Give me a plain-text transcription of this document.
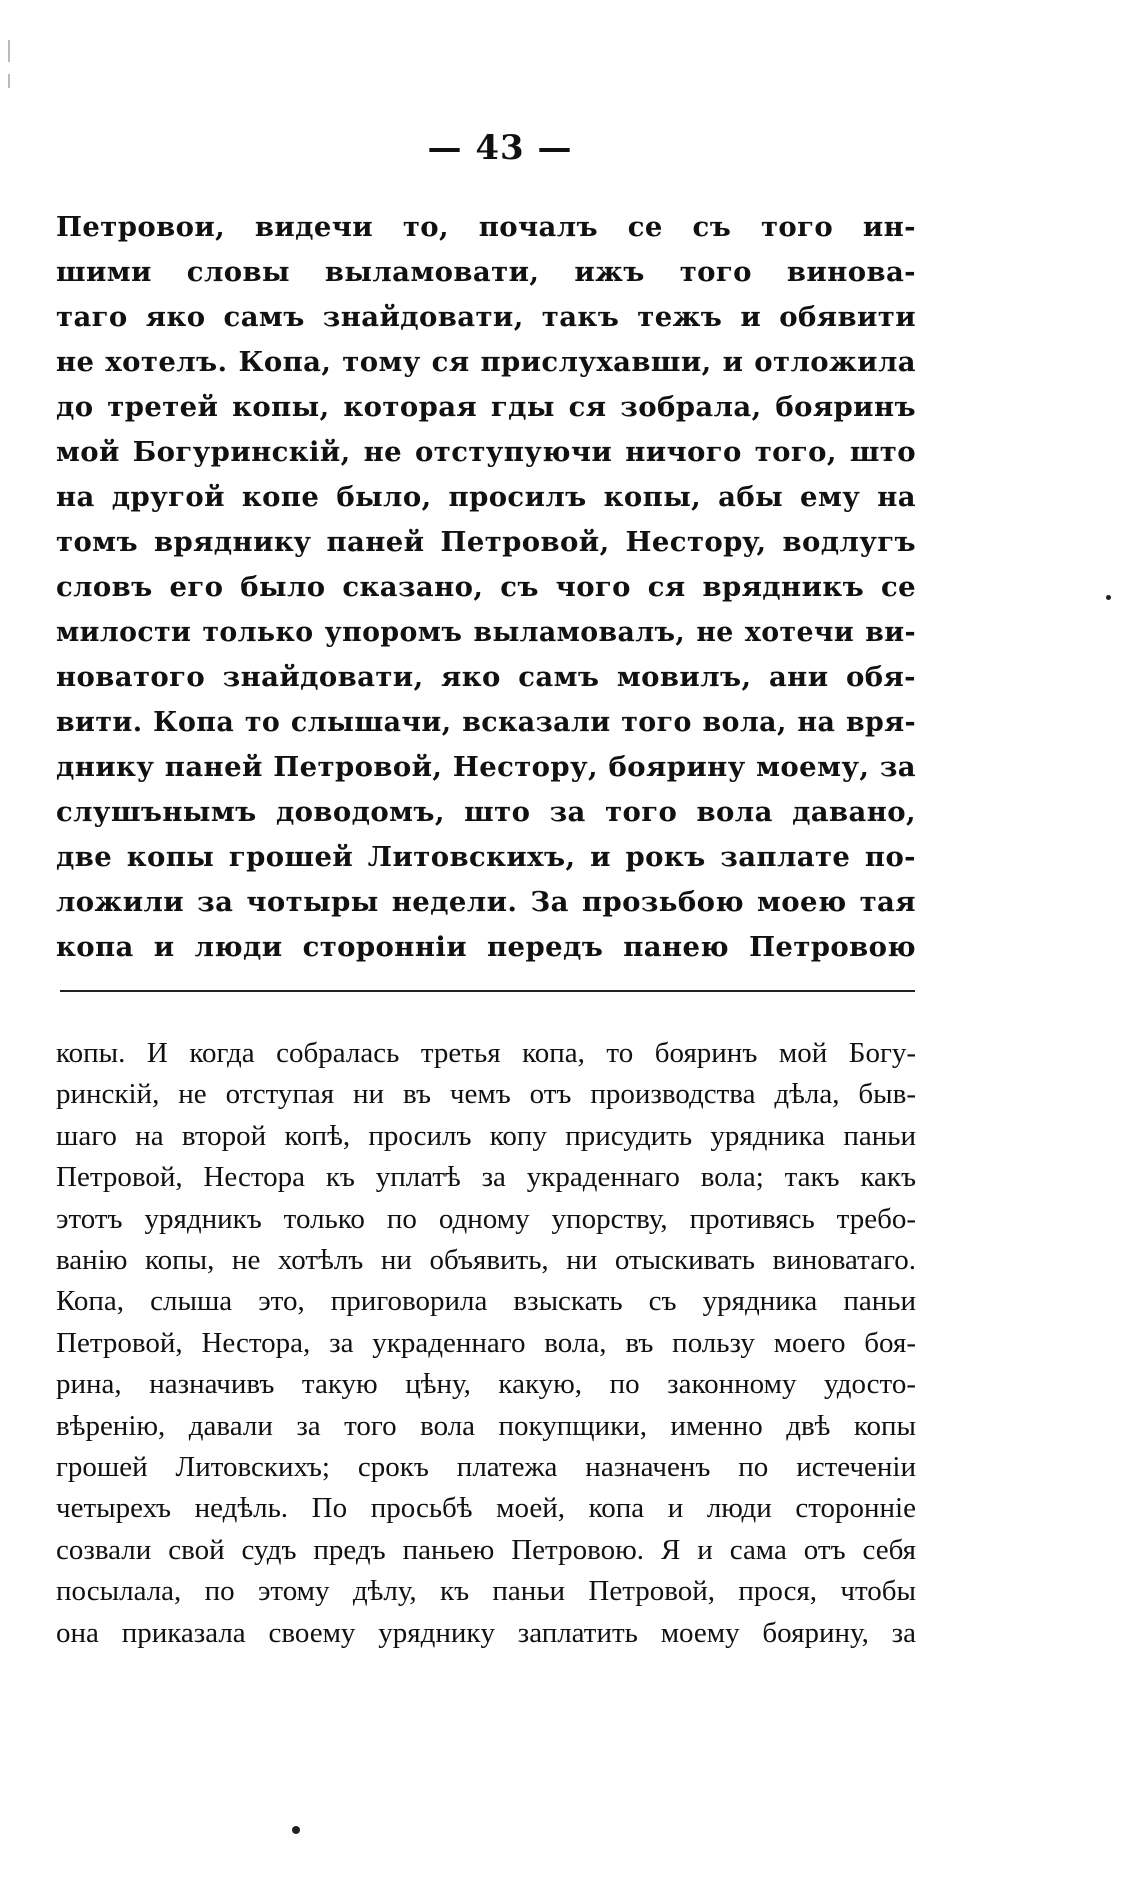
— 43 —
Петровои, видечи то, почалъ се съ того ин-
шими словы выламовати, ижъ того винова-
таго яко самъ знайдовати, такъ тежъ и обявити
не хотелъ. Копа, тому ся прислухавши, и отложила
до третей копы, которая гды ся зобрала, бояринъ
мой Богуринскій, не отступуючи ничого того, што
на другой копе было, просилъ копы, абы ему на
томъ врядникy паней Петровой, Несторy, водлугъ
словъ его было сказано, съ чого ся врядникъ се
милости только упоромъ выламовалъ, не хотечи ви-
новатого знайдовати, яко самъ мовилъ, ани обя-
вити. Копа то слышачи, всказали того вола, на вря-
днику паней Петровой, Нестору, боярину моему, за
слушънымъ доводомъ, што за того вола давано,
две копы грошей Литовскихъ, и рокъ заплате по-
ложили за чотыры недели. За прозьбою моею тая
копа и люди сторонніи передъ панею Петровою
копы. И когда собралась третья копа, то бояринъ мой Богу-
ринскій, не отступая ни въ чемъ отъ производства дѣла, быв-
шаго на второй копѣ, просилъ копу присудить урядника паньи
Петровой, Нестора къ уплатѣ за украденнаго вола; такъ какъ
этотъ урядникъ только по одному упорству, противясь требо-
ванію копы, не хотѣлъ ни объявить, ни отыскивать виноватаго.
Копа, слыша это, приговорила взыскать съ урядника паньи
Петровой, Нестора, за украденнаго вола, въ пользу моего боя-
рина, назначивъ такую цѣну, какую, по законному удосто-
вѣренію, давали за того вола покупщики, именно двѣ копы
грошей Литовскихъ; срокъ платежа назначенъ по истеченіи
четырехъ недѣль. По просьбѣ моей, копа и люди сторонніе
созвали свой судъ предъ паньею Петровою. Я и сама отъ себя
посылала, по этому дѣлу, къ паньи Петровой, прося, чтобы
она приказала своему урядникy заплатить моему боярину, за
